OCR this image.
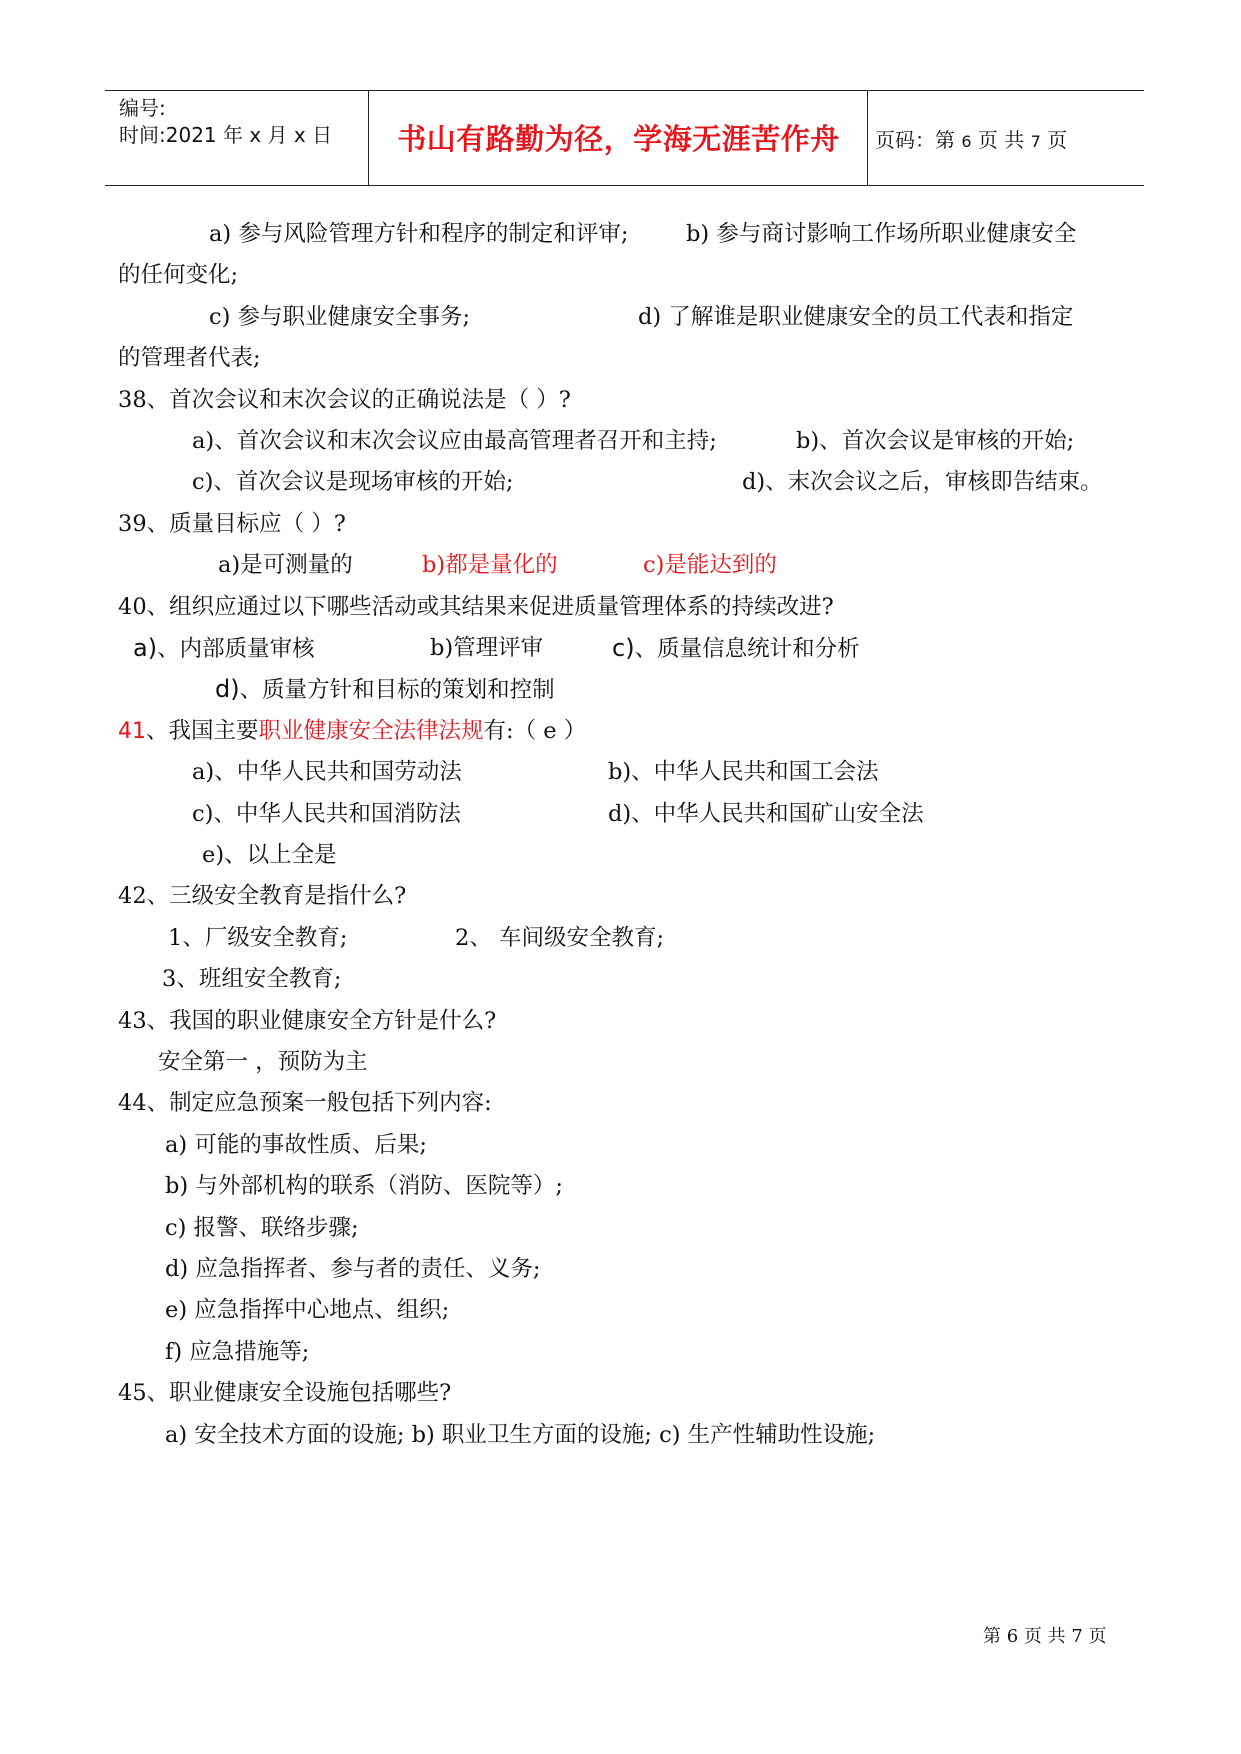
编号:
时间:2021 年 x 月 x 日	书山有路勤为径，学海无涯苦作舟	页码：第 6 页 共 7 页
a) 参与风险管理方针和程序的制定和评审;	b) 参与商讨影响工作场所职业健康安全
的任何变化;
c) 参与职业健康安全事务;	d) 了解谁是职业健康安全的员工代表和指定
的管理者代表;
38、首次会议和末次会议的正确说法是（ ）?
a)、首次会议和末次会议应由最高管理者召开和主持;	b)、首次会议是审核的开始;
c)、首次会议是现场审核的开始;	d)、末次会议之后，审核即告结束。
39、质量目标应（ ）?
a)是可测量的	b)都是量化的	c)是能达到的
40、组织应通过以下哪些活动或其结果来促进质量管理体系的持续改进?
a)、内部质量审核	b)管理评审	c)、质量信息统计和分析
d)、质量方针和目标的策划和控制
41、我国主要职业健康安全法律法规有:（ e ）
a)、中华人民共和国劳动法	b)、中华人民共和国工会法
c)、中华人民共和国消防法	d)、中华人民共和国矿山安全法
e)、以上全是
42、三级安全教育是指什么?
1、厂级安全教育;	2、 车间级安全教育;
3、班组安全教育;
43、我国的职业健康安全方针是什么?
安全第一 ，预防为主
44、制定应急预案一般包括下列内容:
a) 可能的事故性质、后果;
b) 与外部机构的联系（消防、医院等）;
c) 报警、联络步骤;
d) 应急指挥者、参与者的责任、义务;
e) 应急指挥中心地点、组织;
f) 应急措施等;
45、职业健康安全设施包括哪些?
a) 安全技术方面的设施; b) 职业卫生方面的设施; c) 生产性辅助性设施;
第 6 页 共 7 页
